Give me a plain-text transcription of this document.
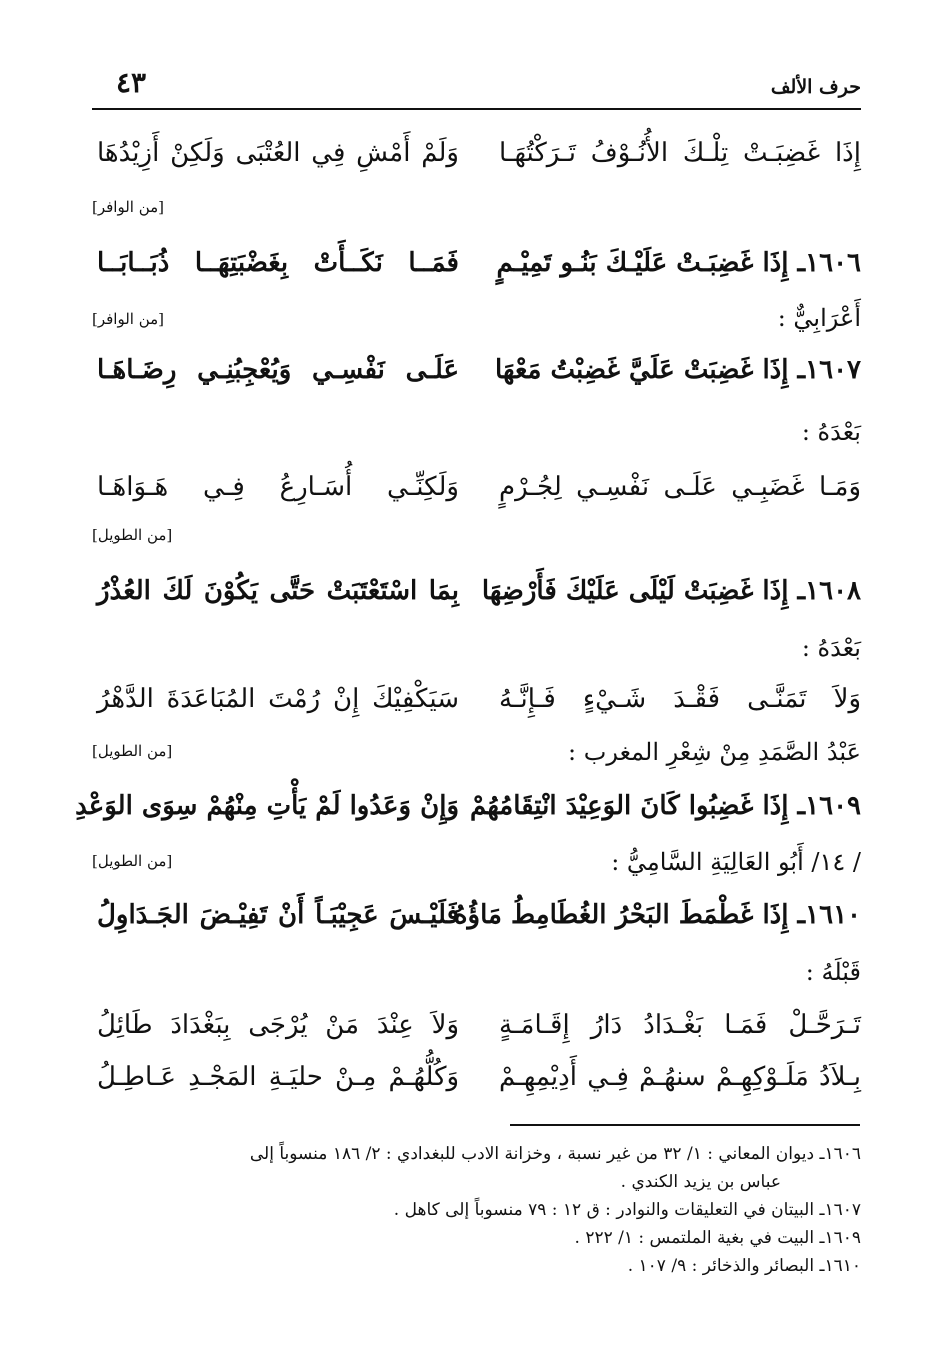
حرف الألف
٤٣
إِذَا غَضِبَـتْ تِلْـكَ الأُنُـوْفُ تَـرَكْتُهَـا
وَلَمْ أَمْشِ فِي العُتْبَى وَلَكِنْ أَزِيْدُهَا
[من الوافر]
١٦٠٦ـ إِذَا غَضِبَـتْ عَلَيْـكَ بَنُـو تَمِيْـمٍ
فَمَــا نَكَــأَتْ بِغَضْبَتِهَــا ذُبَــابَــا
أَعْرَابِيٌّ :
[من الوافر]
١٦٠٧ـ إِذَا غَضِبَتْ عَلَيَّ غَضِبْتُ مَعْهَا
عَلَـى نَفْسِـي وَيُعْجِبُنِـي رِضَـاهَـا
بَعْدَهُ :
وَمَـا غَضَبِـي عَلَـى نَفْسِـي لِجُـرْمٍ
وَلَكِنِّـي أُسَـارِعُ فِـي هَـوَاهَـا
[من الطويل]
١٦٠٨ـ إِذَا غَضِبَتْ لَيْلَى عَلَيْكَ فَأَرْضِهَا
بِمَا اسْتَعْتَبَتْ حَتَّى يَكُوْنَ لَكَ العُذْرُ
بَعْدَهُ :
وَلاَ تَمَنَّـى فَقْـدَ شَـيْءٍ فَـإِنَّـهُ
سَيَكْفِيْكَ إِنْ رُمْتَ المُبَاعَدَةَ الدَّهْرُ
عَبْدُ الصَّمَدِ مِنْ شِعْرِ المغرب :
[من الطويل]
١٦٠٩ـ إِذَا غَضِبُوا كَانَ الوَعِيْدَ انْتِقَامُهُمْ
وَإِنْ وَعَدُوا لَمْ يَأْتِ مِنْهُمْ سِوَى الوَعْدِ
/ ١٤/ أَبُو العَالِيَةِ السَّامِيُّ :
[من الطويل]
١٦١٠ـ إِذَا غَطْمَطَ البَحْرُ الغُطَامِطُ مَاؤُهُ
فَلَيْـسَ عَجِيْبَـاً أَنْ تَفِيْـضَ الجَـدَاوِلُ
قَبْلَهُ :
تَـرَحَّـلْ فَمَـا بَغْـدَادُ دَارُ إِقَـامَـةٍ
وَلاَ عِنْدَ مَنْ يُرْجَى بِبَغْدَادَ طَائِلُ
بِـلاَدُ مَلَـوْكِهِـمْ سنهُـمْ فِـي أَدِيْمِهِـمْ
وَكُلُّهُـمْ مِـنْ حليَـةِ المَجْـدِ عَـاطِـلُ
١٦٠٦ـ ديوان المعاني : ١/ ٣٢ من غير نسبة ، وخزانة الادب للبغدادي : ٢/ ١٨٦ منسوباً إلى
عباس بن يزيد الكندي .
١٦٠٧ـ البيتان في التعليقات والنوادر : ق ١٢ : ٧٩ منسوباً إلى كاهل .
١٦٠٩ـ البيت في بغية الملتمس : ١/ ٢٢٢ .
١٦١٠ـ البصائر والذخائر : ٩/ ١٠٧ .
